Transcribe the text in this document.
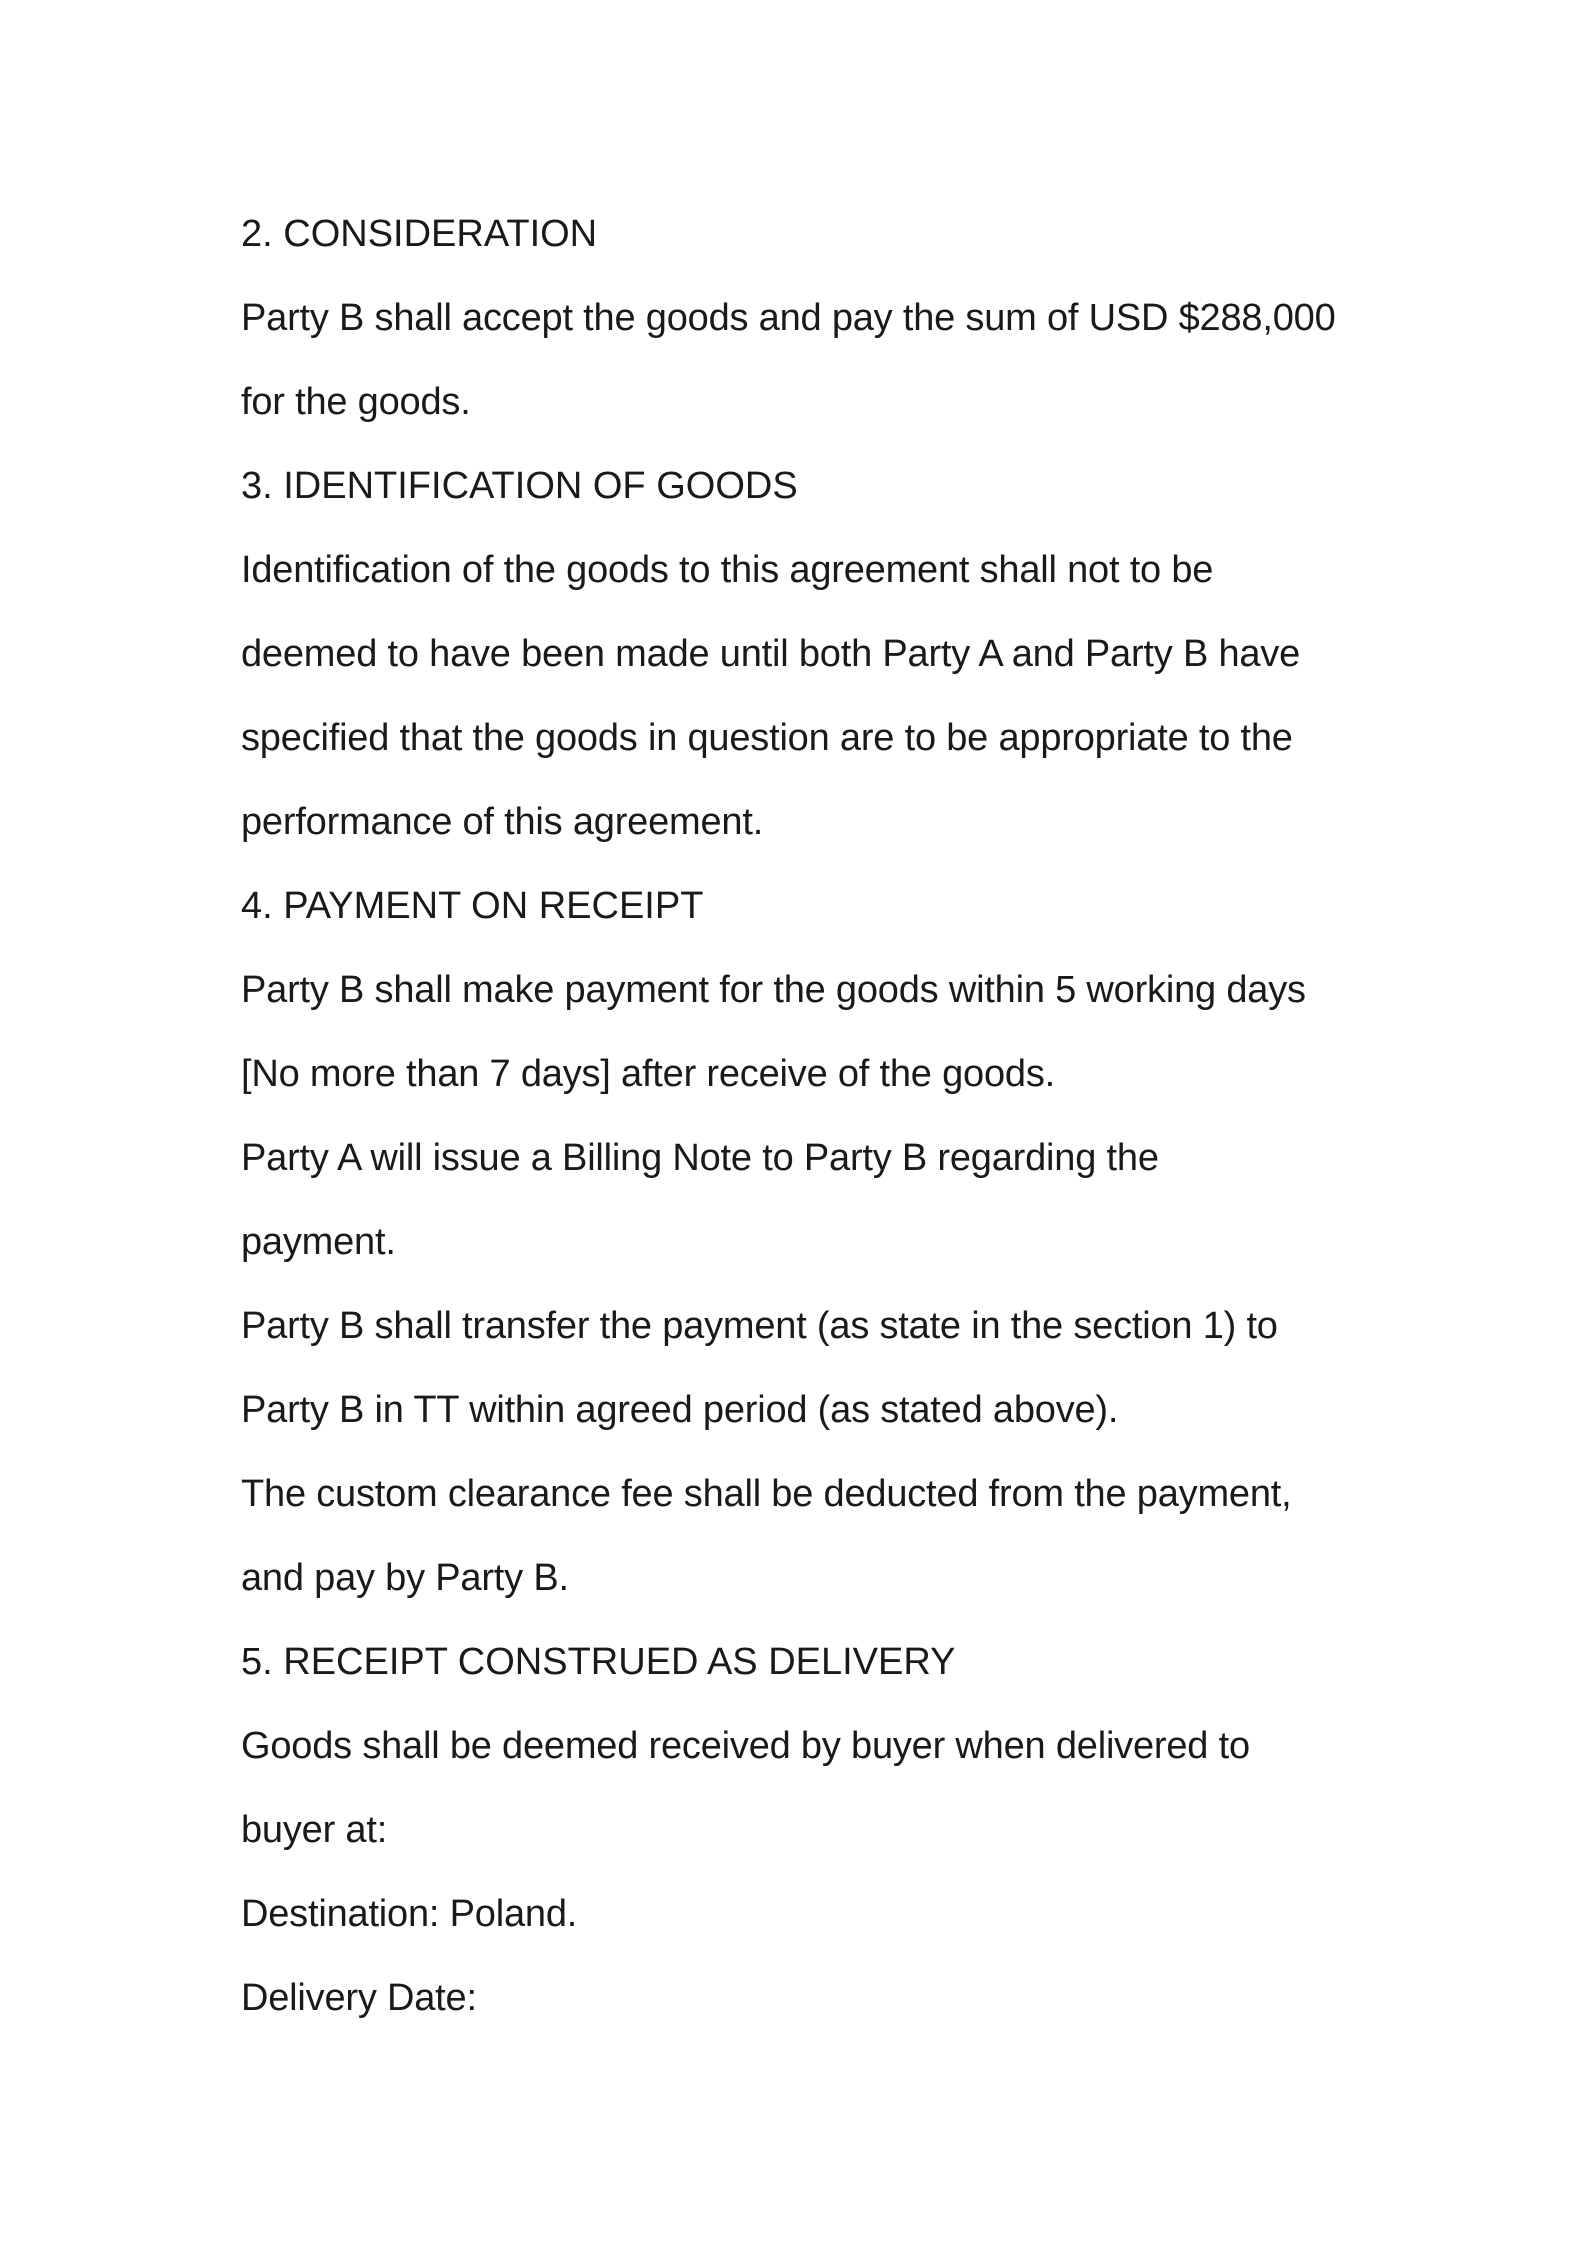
2. CONSIDERATION
Party B shall accept the goods and pay the sum of USD $288,000
for the goods.
3. IDENTIFICATION OF GOODS
Identification of the goods to this agreement shall not to be
deemed to have been made until both Party A and Party B have
specified that the goods in question are to be appropriate to the
performance of this agreement.
4. PAYMENT ON RECEIPT
Party B shall make payment for the goods within 5 working days
[No more than 7 days] after receive of the goods.
Party A will issue a Billing Note to Party B regarding the
payment.
Party B shall transfer the payment (as state in the section 1) to
Party B in TT within agreed period (as stated above).
The custom clearance fee shall be deducted from the payment,
and pay by Party B.
5. RECEIPT CONSTRUED AS DELIVERY
Goods shall be deemed received by buyer when delivered to
buyer at:
Destination: Poland.
Delivery Date:
